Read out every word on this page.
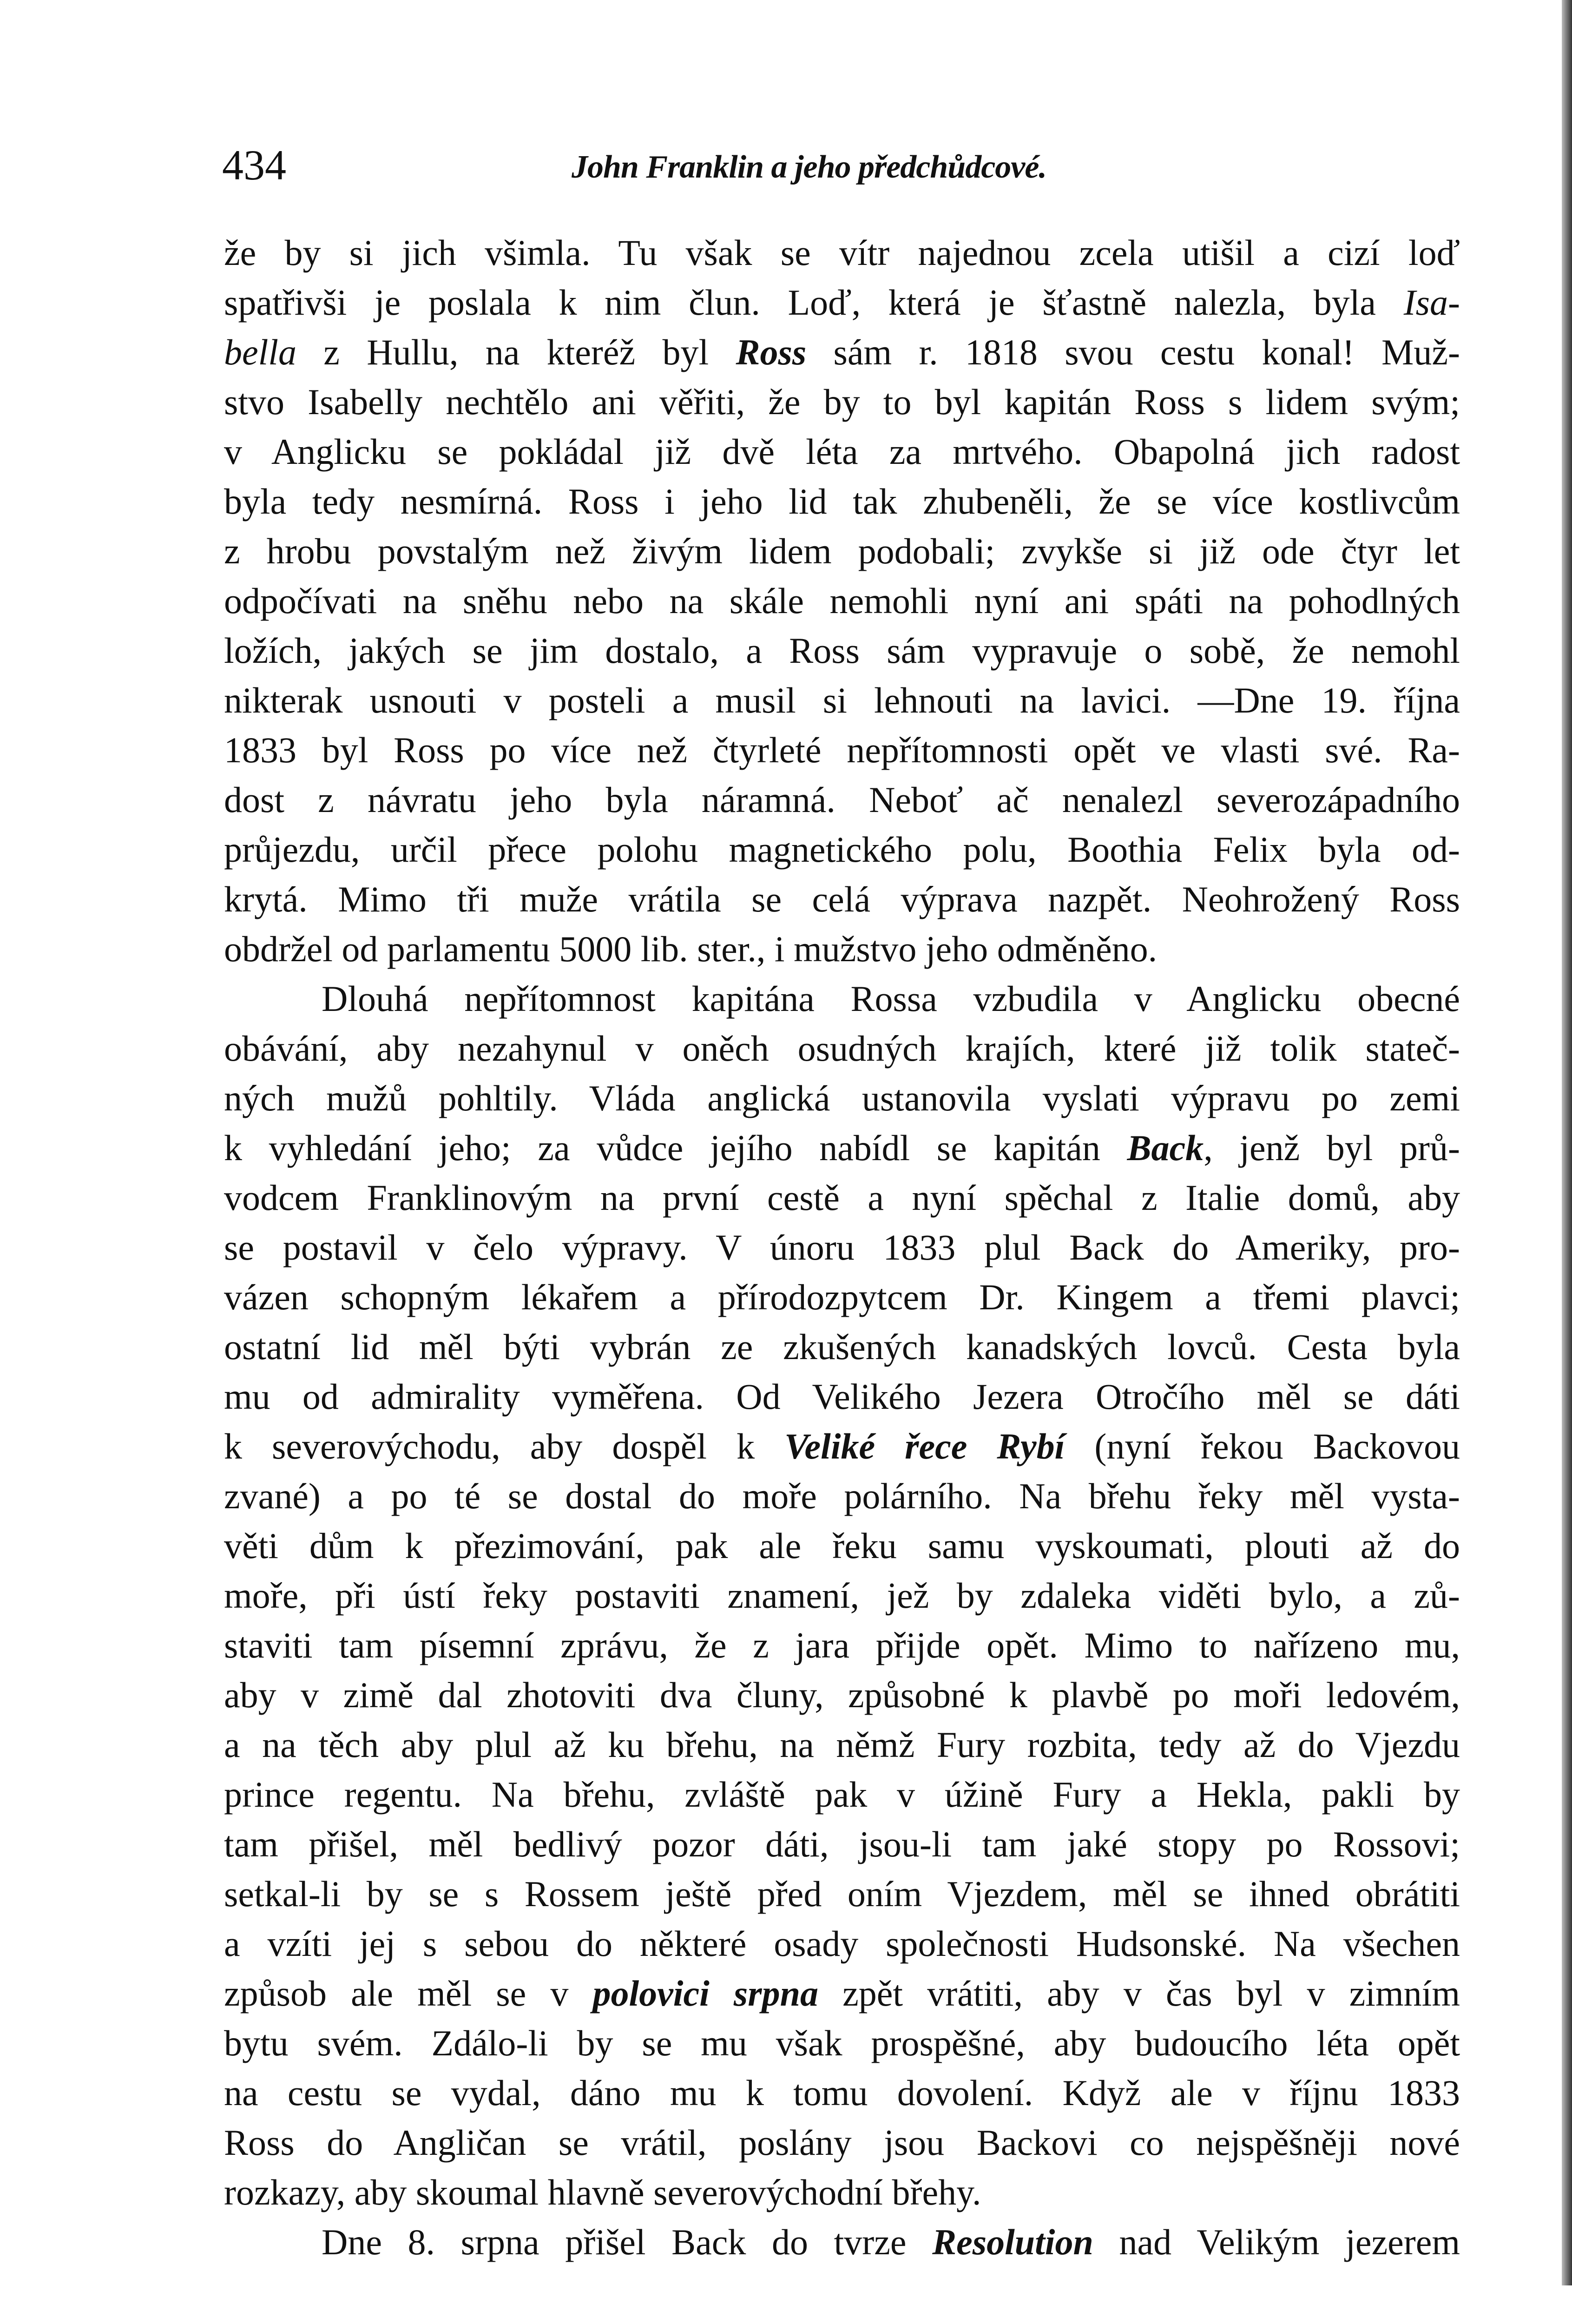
434	John Franklin a jeho předchůdcové.
že by si jich všimla. Tu však se vítr najednou zcela utišil a cizí loď
spatřivši je poslala k nim člun. Loď, která je šťastně nalezla, byla Isa-
bella z Hullu, na kteréž byl Ross sám r. 1818 svou cestu konal! Muž-
stvo Isabelly nechtělo ani věřiti, že by to byl kapitán Ross s lidem svým;
v Anglicku se pokládal již dvě léta za mrtvého. Obapolná jich radost
byla tedy nesmírná. Ross i jeho lid tak zhubeněli, že se více kostlivcům
z hrobu povstalým než živým lidem podobali; zvykše si již ode čtyr let
odpočívati na sněhu nebo na skále nemohli nyní ani spáti na pohodlných
ložích, jakých se jim dostalo, a Ross sám vypravuje o sobě, že nemohl
nikterak usnouti v posteli a musil si lehnouti na lavici. —Dne 19. října
1833 byl Ross po více než čtyrleté nepřítomnosti opět ve vlasti své. Ra-
dost z návratu jeho byla náramná. Neboť ač nenalezl severozápadního
průjezdu, určil přece polohu magnetického polu, Boothia Felix byla od-
krytá. Mimo tři muže vrátila se celá výprava nazpět. Neohrožený Ross
obdržel od parlamentu 5000 lib. ster., i mužstvo jeho odměněno.
Dlouhá nepřítomnost kapitána Rossa vzbudila v Anglicku obecné
obávání, aby nezahynul v oněch osudných krajích, které již tolik stateč-
ných mužů pohltily. Vláda anglická ustanovila vyslati výpravu po zemi
k vyhledání jeho; za vůdce jejího nabídl se kapitán Back, jenž byl prů-
vodcem Franklinovým na první cestě a nyní spěchal z Italie domů, aby
se postavil v čelo výpravy. V únoru 1833 plul Back do Ameriky, pro-
vázen schopným lékařem a přírodozpytcem Dr. Kingem a třemi plavci;
ostatní lid měl býti vybrán ze zkušených kanadských lovců. Cesta byla
mu od admirality vyměřena. Od Velikého Jezera Otročího měl se dáti
k severovýchodu, aby dospěl k Veliké řece Rybí (nyní řekou Backovou
zvané) a po té se dostal do moře polárního. Na břehu řeky měl vysta-
věti dům k přezimování, pak ale řeku samu vyskoumati, plouti až do
moře, při ústí řeky postaviti znamení, jež by zdaleka viděti bylo, a zů-
staviti tam písemní zprávu, že z jara přijde opět. Mimo to nařízeno mu,
aby v zimě dal zhotoviti dva čluny, způsobné k plavbě po moři ledovém,
a na těch aby plul až ku břehu, na němž Fury rozbita, tedy až do Vjezdu
prince regentu. Na břehu, zvláště pak v úžině Fury a Hekla, pakli by
tam přišel, měl bedlivý pozor dáti, jsou-li tam jaké stopy po Rossovi;
setkal-li by se s Rossem ještě před oním Vjezdem, měl se ihned obrátiti
a vzíti jej s sebou do některé osady společnosti Hudsonské. Na všechen
způsob ale měl se v polovici srpna zpět vrátiti, aby v čas byl v zimním
bytu svém. Zdálo-li by se mu však prospěšné, aby budoucího léta opět
na cestu se vydal, dáno mu k tomu dovolení. Když ale v říjnu 1833
Ross do Angličan se vrátil, poslány jsou Backovi co nejspěšněji nové
rozkazy, aby skoumal hlavně severovýchodní břehy.
Dne 8. srpna přišel Back do tvrze Resolution nad Velikým jezerem
